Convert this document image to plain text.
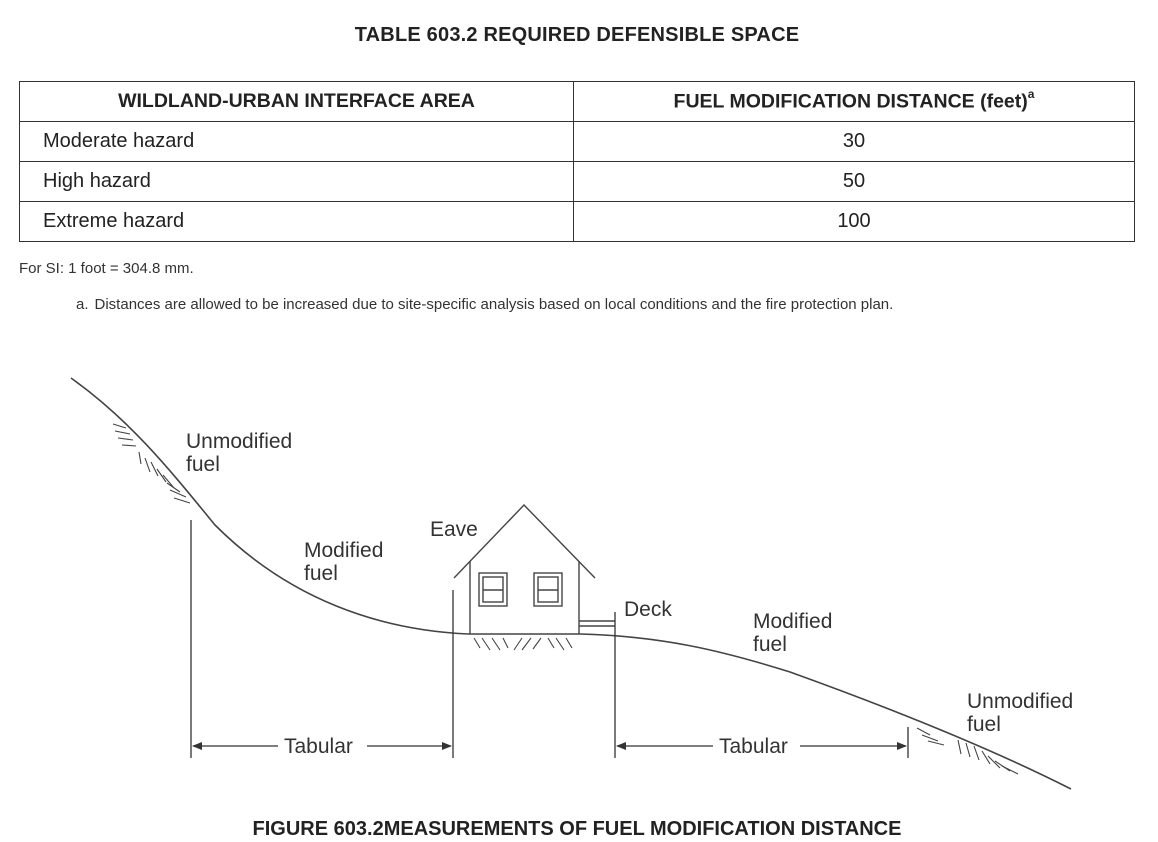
TABLE 603.2 REQUIRED DEFENSIBLE SPACE
WILDLAND-URBAN INTERFACE AREA	FUEL MODIFICATION DISTANCE (feet)$^a$
Moderate hazard	30
High hazard	50
Extreme hazard	100
For SI: 1 foot = 304.8 mm.
a. Distances are allowed to be increased due to site-specific analysis based on local conditions and the fire protection plan.
Unmodified
fuel
Modified
fuel
Eave
Deck
Modified
fuel
Unmodified
fuel
Tabular	Tabular
FIGURE 603.2MEASUREMENTS OF FUEL MODIFICATION DISTANCE
